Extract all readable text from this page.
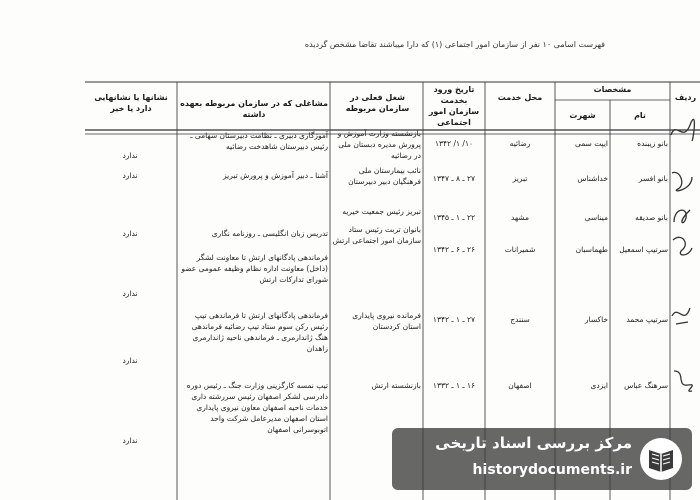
فهرست اسامی ۱۰ نفر از سازمان امور اجتماعی (۱) که دارا میباشند تقاضا مشخص گردیده
مشخصات
نام
شهرت
محل خدمت
تاریخ ورود بخدمت سازمان امور اجتماعی
شغل فعلی در سازمان مربوطه
مشاغلی که در سازمان مربوطه بعهده داشته
نشانها یا نشانهایی دارد یا خیر
ردیف
بانو زیبنده
ایپت سمی
رضائیه
۱۰/ ۱/ ۱۳۴۲
بازنشسته وزارت آموزش و پرورش مدیره دبستان ملی در رضائیه
آموزگاری دبیری ـ نظامت دبیرستان سهامی ـ رئیس دبیرستان شاهدخت رضائیه
ندارد
بانو افسر
خداشناس
تبریز
۲۷ ـ ۸ ـ ۱۳۴۷
نائب بیمارستان ملی فرهنگیان دبیر دبیرستان
آشنا ـ دبیر آموزش و پرورش تبریز
ندارد
بانو صدیقه
میناسی
مشهد
۲۲ ـ ۱ ـ ۱۳۴۵
تبریز رئیس جمعیت خیریه
تدریس زبان انگلیسی ـ روزنامه نگاری
ندارد
سرتیپ اسمعیل
طهماسبان
شمیرانات
۲۶ ـ ۶ ـ ۱۳۴۲
بانوان تربت رئیس ستاد سازمان امور اجتماعی ارتش
فرماندهی پادگانهای ارتش تا معاونت لشگر (داخل) معاونت اداره نظام وظیفه عمومی عضو شورای تدارکات ارتش
ندارد
سرتیپ محمد
خاکسار
سنندج
۲۷ ـ ۱ ـ ۱۳۴۲
فرمانده نیروی پایداری استان کردستان
فرماندهی پادگانهای ارتش تا فرماندهی تیپ رئیس رکن سوم ستاد تیپ رضائیه فرماندهی هنگ ژاندارمری ـ فرماندهی ناحیه ژاندارمری زاهدان
ندارد
سرهنگ عباس
ایزدی
اصفهان
۱۶ ـ ۱ ـ ۱۳۳۲
بازنشسته ارتش
تیپ نمسه کارگزینی وزارت جنگ ـ رئیس دوره دادرسی لشکر اصفهان رئیس سررشته داری خدمات ناحیه اصفهان معاون نیروی پایداری استان اصفهان مدیرعامل شرکت واحد اتوبوسرانی اصفهان
ندارد	مرکز بررسی اسناد تاریخی
historydocuments.ir
